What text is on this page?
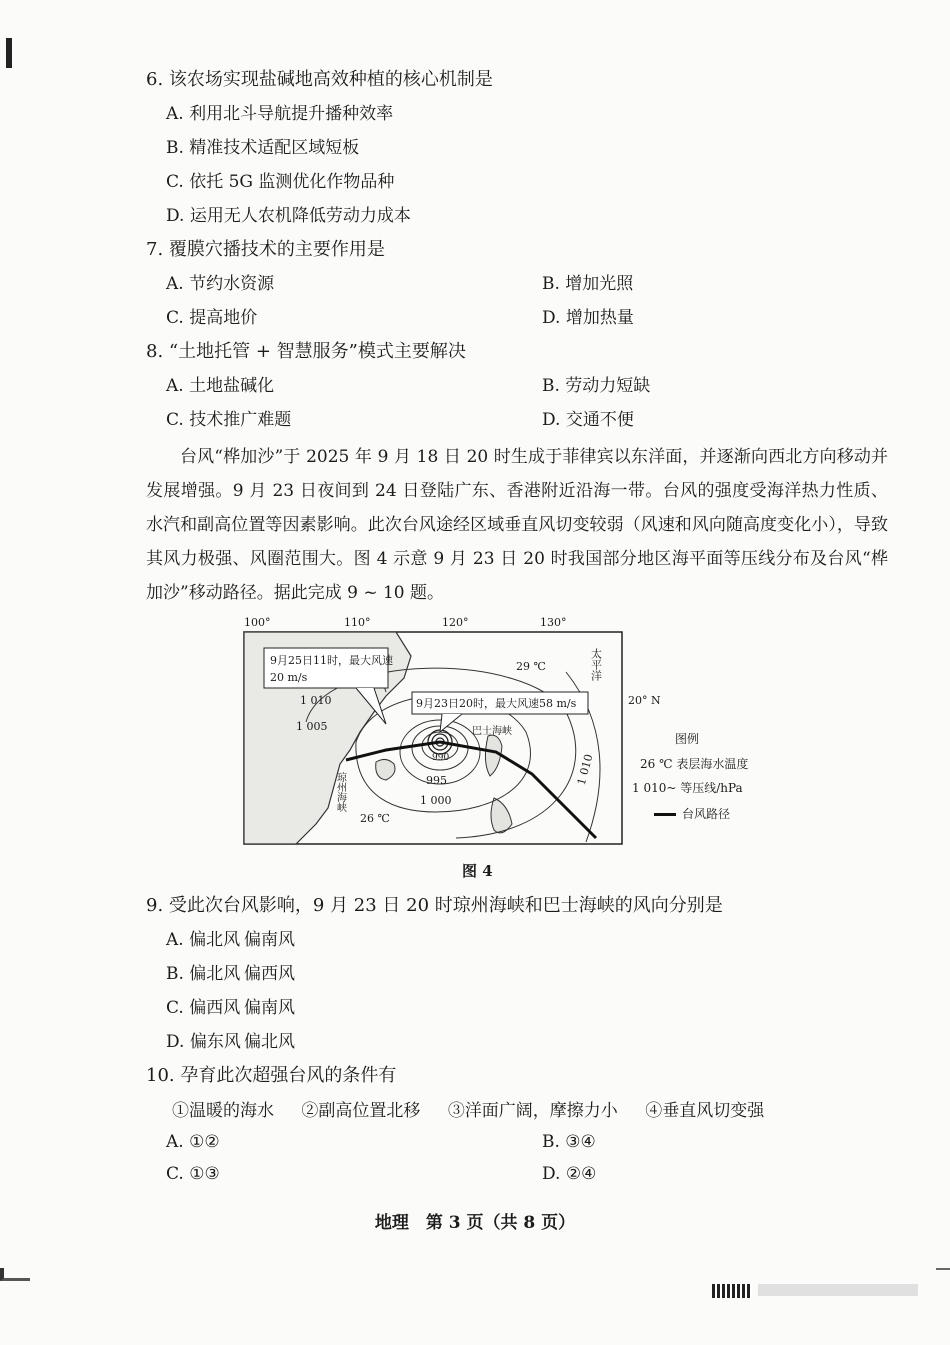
6. 该农场实现盐碱地高效种植的核心机制是
A. 利用北斗导航提升播种效率
B. 精准技术适配区域短板
C. 依托 5G 监测优化作物品种
D. 运用无人农机降低劳动力成本
7. 覆膜穴播技术的主要作用是
A. 节约水资源	B. 增加光照
C. 提高地价	D. 增加热量
8. “土地托管 + 智慧服务”模式主要解决
A. 土地盐碱化	B. 劳动力短缺
C. 技术推广难题	D. 交通不便

台风“桦加沙”于 2025 年 9 月 18 日 20 时生成于菲律宾以东洋面，并逐渐向西北方向移动并发展增强。9 月 23 日夜间到 24 日登陆广东、香港附近沿海一带。台风的强度受海洋热力性质、水汽和副高位置等因素影响。此次台风途经区域垂直风切变较弱（风速和风向随高度变化小），导致其风力极强、风圈范围大。图 4 示意 9 月 23 日 20 时我国部分地区海平面等压线分布及台风“桦加沙”移动路径。据此完成 9 ~ 10 题。

100°	110°	120°	130°
9月25日11时，最大风速
20 m/s
9月23日20时，最大风速58 m/s
29 ℃
26 ℃
1 010
1 005
1 000
995
990	1 010
巴士海峡
琼州海峡
太平洋
20° N
图例
26 ℃ 表层海水温度
1 010~ 等压线/hPa
台风路径
图 4
9. 受此次台风影响，9 月 23 日 20 时琼州海峡和巴士海峡的风向分别是
A. 偏北风 偏南风
B. 偏北风 偏西风
C. 偏西风 偏南风
D. 偏东风 偏北风
10. 孕育此次超强台风的条件有
①温暖的海水 ②副高位置北移 ③洋面广阔，摩擦力小 ④垂直风切变强
A. ①②	B. ③④
C. ①③	D. ②④
地理　第 3 页（共 8 页）
